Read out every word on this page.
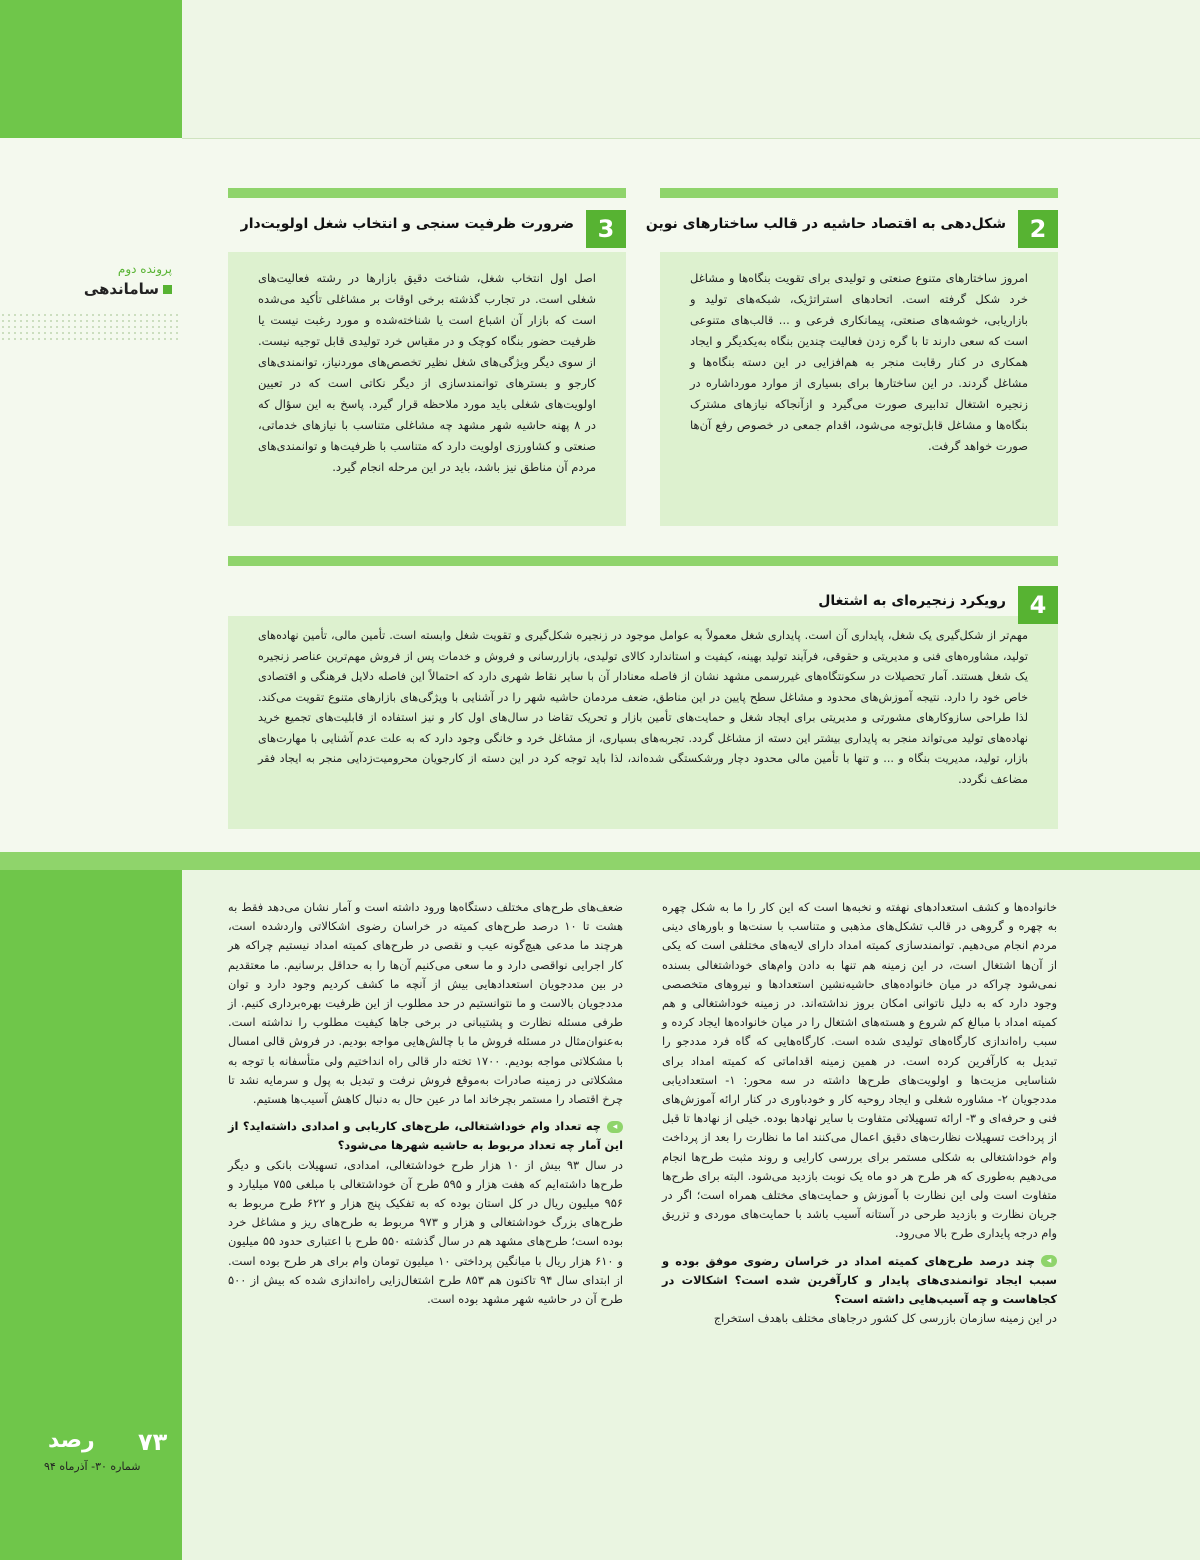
پرونده دوم
ساماندهی
2
شکل‌دهی به اقتصاد حاشیه در قالب ساختارهای نوین
امروز ساختارهای متنوع صنعتی و تولیدی برای تقویت بنگاه‌ها و مشاغل خرد شکل گرفته است. اتحادهای استراتژیک، شبکه‌های تولید و بازاریابی، خوشه‌های صنعتی، پیمانکاری فرعی و ... قالب‌های متنوعی است که سعی دارند تا با گره زدن فعالیت چندین بنگاه به‌یکدیگر و ایجاد همکاری در کنار رقابت منجر به هم‌افزایی در این دسته بنگاه‌ها و مشاغل گردند. در این ساختارها برای بسیاری از موارد مورداشاره در زنجیره اشتغال تدابیری صورت می‌گیرد و ازآنجاکه نیازهای مشترک بنگاه‌ها و مشاغل قابل‌توجه می‌شود، اقدام جمعی در خصوص رفع آن‌ها صورت خواهد گرفت.
3
ضرورت ظرفیت‌ سنجی و انتخاب شغل اولویت‌دار
اصل اول انتخاب شغل، شناخت دقیق بازارها در رشته فعالیت‌های شغلی است. در تجارب گذشته برخی اوقات بر مشاغلی تأکید می‌شده است که بازار آن اشباع است یا شناخته‌شده و مورد رغبت نیست یا ظرفیت حضور بنگاه کوچک و در مقیاس خرد تولیدی قابل توجیه نیست. از سوی دیگر ویژگی‌های شغل نظیر تخصص‌های موردنیاز، توانمندی‌های کارجو و بسترهای توانمندسازی از دیگر نکاتی است که در تعیین اولویت‌های شغلی باید مورد ملاحظه قرار گیرد. پاسخ به این سؤال که در ۸ پهنه حاشیه شهر مشهد چه مشاغلی متناسب با نیازهای خدماتی، صنعتی و کشاورزی اولویت دارد که متناسب با ظرفیت‌ها و توانمندی‌های مردم آن مناطق نیز باشد، باید در این مرحله انجام گیرد.
4
رویکرد زنجیره‌ای به اشتغال
مهم‌تر از شکل‌گیری یک شغل، پایداری آن است. پایداری شغل معمولاً به عوامل موجود در زنجیره شکل‌گیری و تقویت شغل وابسته است. تأمین مالی، تأمین نهاده‌های تولید، مشاوره‌های فنی و مدیریتی و حقوقی، فرآیند تولید بهینه، کیفیت و استاندارد کالای تولیدی، بازاررسانی و فروش و خدمات پس از فروش مهم‌ترین عناصر زنجیره یک شغل هستند. آمار تحصیلات در سکونتگاه‌های غیررسمی مشهد نشان از فاصله معنادار آن با سایر نقاط شهری دارد که احتمالاً این فاصله دلایل فرهنگی و اقتصادی خاص خود را دارد. نتیجه آموزش‌های محدود و مشاغل سطح پایین در این مناطق، ضعف مردمان حاشیه شهر را در آشنایی با ویژگی‌های بازارهای متنوع تقویت می‌کند. لذا طراحی سازوکارهای مشورتی و مدیریتی برای ایجاد شغل و حمایت‌های تأمین بازار و تحریک تقاضا در سال‌های اول کار و نیز استفاده از قابلیت‌های تجمیع خرید نهاده‌های تولید می‌تواند منجر به پایداری بیشتر این دسته از مشاغل گردد. تجربه‌های بسیاری، از مشاغل خرد و خانگی وجود دارد که به علت عدم آشنایی با مهارت‌های بازار، تولید، مدیریت بنگاه و ... و تنها با تأمین مالی محدود دچار ورشکستگی شده‌اند، لذا باید توجه کرد در این دسته از کارجویان محرومیت‌زدایی منجر به ایجاد فقر مضاعف نگردد.
خانواده‌ها و کشف استعدادهای نهفته و نخبه‌ها است که این کار را ما به شکل چهره به چهره و گروهی در قالب تشکل‌های مذهبی و متناسب با سنت‌ها و باورهای دینی مردم انجام می‌دهیم. توانمندسازی کمیته امداد دارای لایه‌های مختلفی است که یکی از آن‌ها اشتغال است، در این زمینه هم تنها به دادن وام‌های خوداشتغالی بسنده نمی‌شود چراکه در میان خانواده‌های حاشیه‌نشین استعدادها و نیروهای متخصصی وجود دارد که به دلیل ناتوانی امکان بروز نداشته‌اند. در زمینه خوداشتغالی و هم کمیته امداد با مبالغ کم شروع و هسته‌های اشتغال را در میان خانواده‌ها ایجاد کرده و سبب راه‌اندازی کارگاه‌های تولیدی شده است. کارگاه‌هایی که گاه فرد مددجو را تبدیل به کارآفرین کرده است. در همین زمینه اقداماتی که کمیته امداد برای شناسایی مزیت‌ها و اولویت‌های طرح‌ها داشته در سه محور: ۱- استعدادیابی مددجویان ۲- مشاوره شغلی و ایجاد روحیه کار و خودباوری در کنار ارائه آموزش‌های فنی و حرفه‌ای و ۳- ارائه تسهیلاتی متفاوت با سایر نهادها بوده. خیلی از نهادها تا قبل از پرداخت تسهیلات نظارت‌های دقیق اعمال می‌کنند اما ما نظارت را بعد از پرداخت وام خوداشتغالی به شکلی مستمر برای بررسی کارایی و روند مثبت طرح‌ها انجام می‌دهیم به‌طوری که هر طرح هر دو ماه یک نوبت بازدید می‌شود. البته برای طرح‌ها متفاوت است ولی این نظارت با آموزش و حمایت‌های مختلف همراه است؛ اگر در جریان نظارت و بازدید طرحی در آستانه آسیب باشد با حمایت‌های موردی و تزریق وام درجه پایداری طرح بالا می‌رود.
◂چند درصد طرح‌های کمیته امداد در خراسان رضوی موفق بوده و سبب ایجاد توانمندی‌های پایدار و کارآفرین شده است؟ اشکالات در کجاهاست و چه آسیب‌هایی داشته است؟
در این زمینه سازمان بازرسی کل کشور درجاهای مختلف باهدف استخراج
ضعف‌های طرح‌های مختلف دستگاه‌ها ورود داشته است و آمار نشان می‌دهد فقط به‌ هشت تا ۱۰ درصد طرح‌های کمیته در خراسان رضوی اشکالاتی واردشده است، هرچند ما مدعی هیچ‌گونه عیب و نقصی در طرح‌های کمیته امداد نیستیم چراکه هر کار اجرایی نواقصی دارد و ما سعی می‌کنیم آن‌ها را به حداقل برسانیم. ما معتقدیم در بین مددجویان استعدادهایی بیش از آنچه ما کشف کردیم وجود دارد و توان مددجویان بالاست و ما نتوانستیم در حد مطلوب از این ظرفیت بهره‌برداری کنیم. از طرفی مسئله نظارت و پشتیبانی در برخی جاها کیفیت مطلوب را نداشته است. به‌عنوان‌مثال در مسئله فروش ما با چالش‌هایی مواجه بودیم. در فروش قالی امسال با مشکلاتی مواجه بودیم. ۱۷۰۰ تخته دار قالی راه انداختیم ولی متأسفانه با توجه به مشکلاتی در زمینه صادرات به‌موقع فروش نرفت و تبدیل به پول و سرمایه نشد تا چرخ اقتصاد را مستمر بچرخاند اما در عین حال به دنبال کاهش آسیب‌ها هستیم.
◂چه تعداد وام خوداشتغالی، طرح‌های کاریابی و امدادی داشته‌اید؟ از این آمار چه تعداد مربوط به حاشیه شهرها می‌شود؟
در سال ۹۳ بیش از ۱۰ هزار طرح خوداشتغالی، امدادی، تسهیلات بانکی و دیگر طرح‌ها داشته‌ایم که هفت هزار و ۵۹۵ طرح آن خوداشتغالی با مبلغی ۷۵۵ میلیارد و ۹۵۶ میلیون ریال در کل استان بوده که به تفکیک پنج هزار و ۶۲۲ طرح مربوط به طرح‌های بزرگ خوداشتغالی و هزار و ۹۷۳ مربوط به طرح‌های ریز و مشاغل خرد بوده است؛ طرح‌های مشهد هم در سال گذشته ۵۵۰ طرح با اعتباری حدود ۵۵ میلیون و ۶۱۰ هزار ریال با میانگین پرداختی ۱۰ میلیون تومان وام برای هر طرح بوده است. از ابتدای سال ۹۴ تاکنون هم ۸۵۳ طرح اشتغال‌زایی راه‌اندازی شده که بیش از ۵۰۰ طرح آن در حاشیه شهر مشهد بوده است.
۷۳
رصد
شماره ۳۰- آذرماه ۹۴
